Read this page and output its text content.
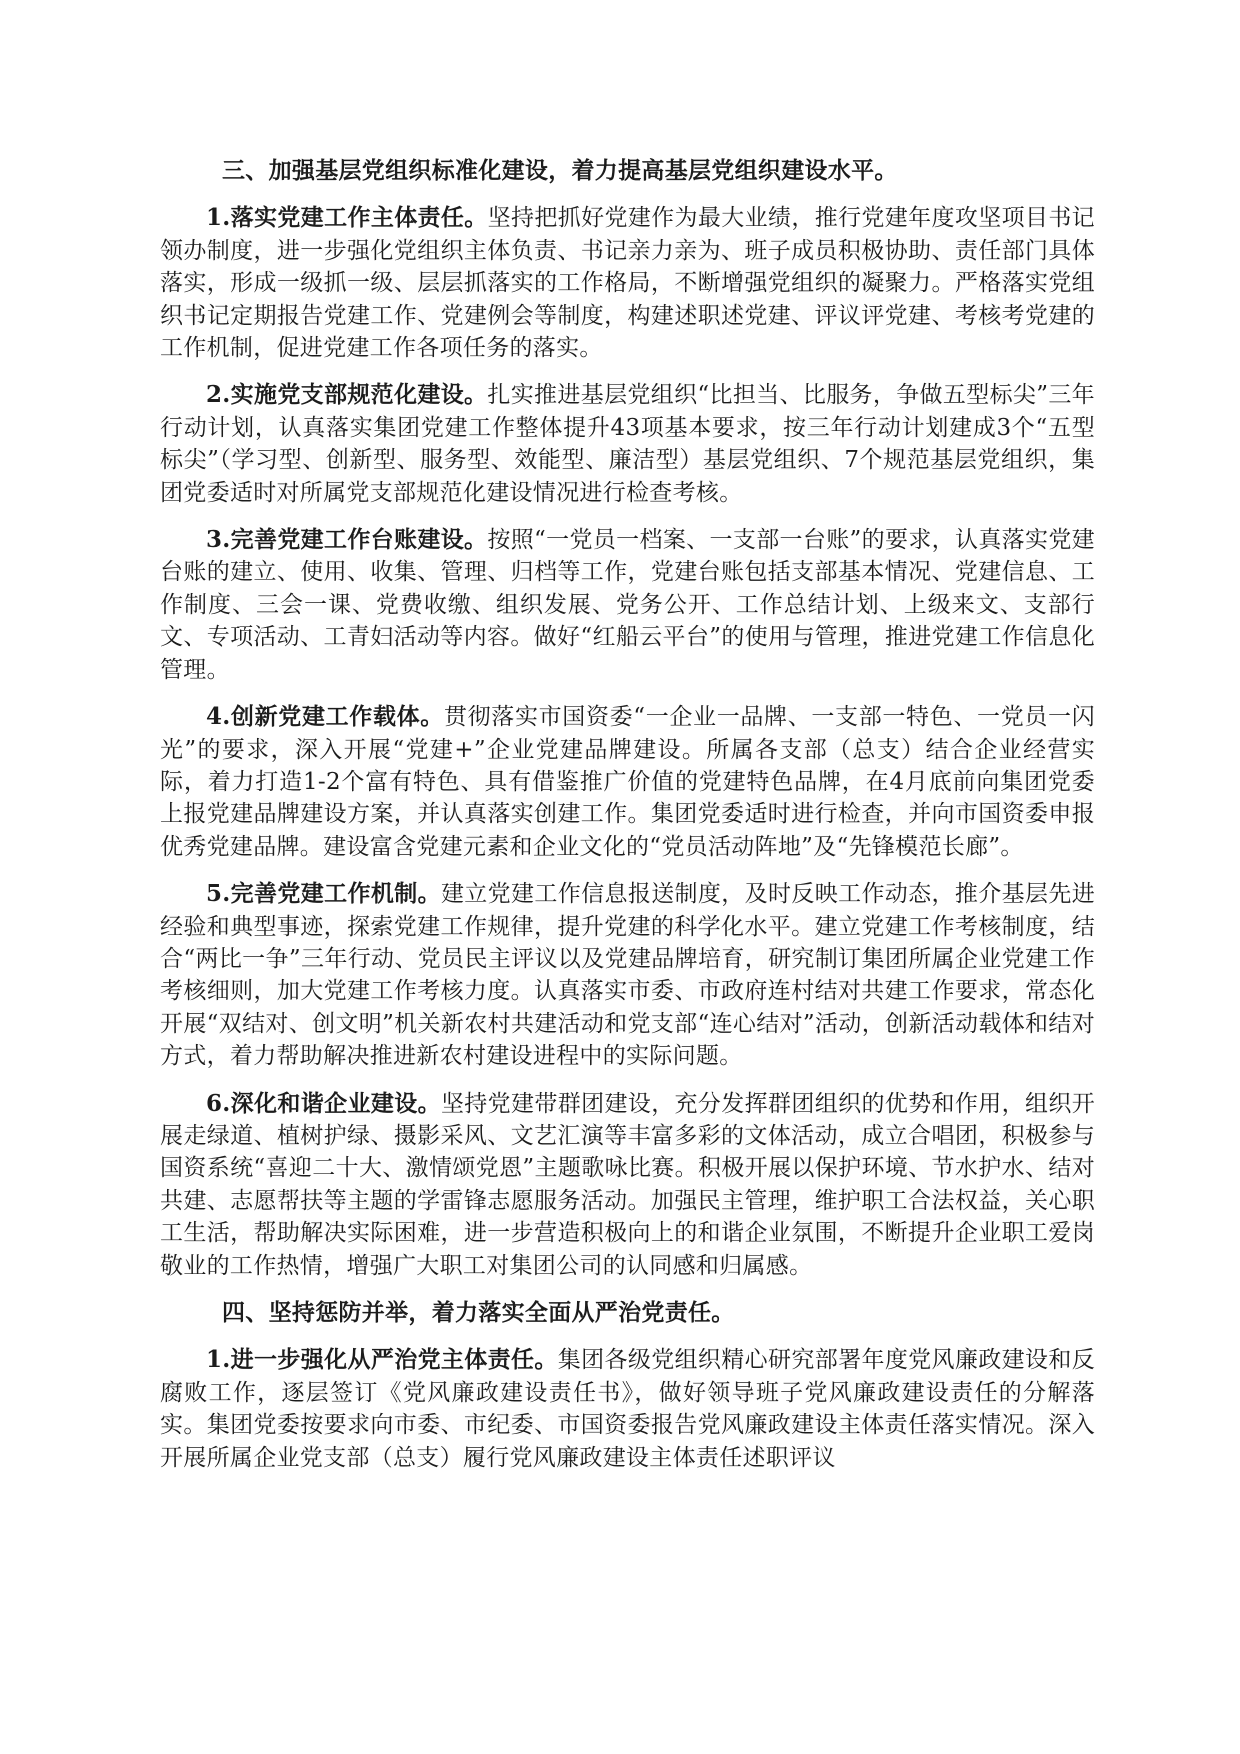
三、加强基层党组织标准化建设，着力提高基层党组织建设水平。

1.落实党建工作主体责任。坚持把抓好党建作为最大业绩，推行党建年度攻坚项目书记领办制度，进一步强化党组织主体负责、书记亲力亲为、班子成员积极协助、责任部门具体落实，形成一级抓一级、层层抓落实的工作格局，不断增强党组织的凝聚力。严格落实党组织书记定期报告党建工作、党建例会等制度，构建述职述党建、评议评党建、考核考党建的工作机制，促进党建工作各项任务的落实。

2.实施党支部规范化建设。扎实推进基层党组织“比担当、比服务，争做五型标尖”三年行动计划，认真落实集团党建工作整体提升43项基本要求，按三年行动计划建成3个“五型标尖”（学习型、创新型、服务型、效能型、廉洁型）基层党组织、7个规范基层党组织，集团党委适时对所属党支部规范化建设情况进行检查考核。

3.完善党建工作台账建设。按照“一党员一档案、一支部一台账”的要求，认真落实党建台账的建立、使用、收集、管理、归档等工作，党建台账包括支部基本情况、党建信息、工作制度、三会一课、党费收缴、组织发展、党务公开、工作总结计划、上级来文、支部行文、专项活动、工青妇活动等内容。做好“红船云平台”的使用与管理，推进党建工作信息化管理。

4.创新党建工作载体。贯彻落实市国资委“一企业一品牌、一支部一特色、一党员一闪光”的要求，深入开展“党建+”企业党建品牌建设。所属各支部（总支）结合企业经营实际，着力打造1-2个富有特色、具有借鉴推广价值的党建特色品牌，在4月底前向集团党委上报党建品牌建设方案，并认真落实创建工作。集团党委适时进行检查，并向市国资委申报优秀党建品牌。建设富含党建元素和企业文化的“党员活动阵地”及“先锋模范长廊”。

5.完善党建工作机制。建立党建工作信息报送制度，及时反映工作动态，推介基层先进经验和典型事迹，探索党建工作规律，提升党建的科学化水平。建立党建工作考核制度，结合“两比一争”三年行动、党员民主评议以及党建品牌培育，研究制订集团所属企业党建工作考核细则，加大党建工作考核力度。认真落实市委、市政府连村结对共建工作要求，常态化开展“双结对、创文明”机关新农村共建活动和党支部“连心结对”活动，创新活动载体和结对方式，着力帮助解决推进新农村建设进程中的实际问题。

6.深化和谐企业建设。坚持党建带群团建设，充分发挥群团组织的优势和作用，组织开展走绿道、植树护绿、摄影采风、文艺汇演等丰富多彩的文体活动，成立合唱团，积极参与国资系统“喜迎二十大、激情颂党恩”主题歌咏比赛。积极开展以保护环境、节水护水、结对共建、志愿帮扶等主题的学雷锋志愿服务活动。加强民主管理，维护职工合法权益，关心职工生活，帮助解决实际困难，进一步营造积极向上的和谐企业氛围，不断提升企业职工爱岗敬业的工作热情，增强广大职工对集团公司的认同感和归属感。

四、坚持惩防并举，着力落实全面从严治党责任。

1.进一步强化从严治党主体责任。集团各级党组织精心研究部署年度党风廉政建设和反腐败工作，逐层签订《党风廉政建设责任书》，做好领导班子党风廉政建设责任的分解落实。集团党委按要求向市委、市纪委、市国资委报告党风廉政建设主体责任落实情况。深入开展所属企业党支部（总支）履行党风廉政建设主体责任述职评议
